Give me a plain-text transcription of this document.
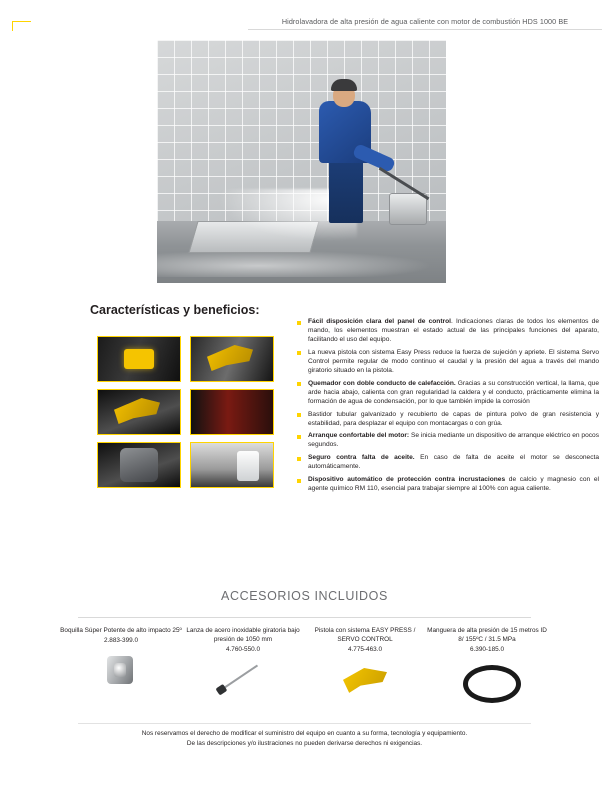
Hidrolavadora de alta presión de agua caliente con motor de combustión HDS 1000 BE
Características y beneficios:
Fácil disposición clara del panel de control. Indicaciones claras de todos los elementos de mando, los elementos muestran el estado actual de las principales funciones del aparato, facilitando el uso del equipo.
La nueva pistola con sistema Easy Press reduce la fuerza de sujeción y apriete. El sistema Servo Control permite regular de modo continuo el caudal y la presión del agua a través del mando giratorio situado en la pistola.
Quemador con doble conducto de calefacción. Gracias a su construcción vertical, la llama, que arde hacia abajo, calienta con gran regularidad la caldera y el conducto, prácticamente elimina la formación de agua de condensación, por lo que también impide la corrosión
Bastidor tubular galvanizado y recubierto de capas de pintura polvo de gran resistencia y estabilidad, para desplazar el equipo con montacargas o con grúa.
Arranque confortable del motor: Se inicia mediante un dispositivo de arranque eléctrico en pocos segundos.
Seguro contra falta de aceite. En caso de falta de aceite el motor se desconecta automáticamente.
Dispositivo automático de protección contra incrustaciones de calcio y magnesio con el agente químico RM 110, esencial para trabajar siempre al 100% con agua caliente.
ACCESORIOS INCLUIDOS
Boquilla Súper Potente de alto impacto 25º
2.883-399.0
Lanza de acero inoxidable giratoria bajo presión de 1050 mm
4.760-550.0
Pistola con sistema EASY PRESS / SERVO CONTROL
4.775-463.0
Manguera de alta presión de 15 metros ID 8/ 155ºC / 31.5 MPa
6.390-185.0
Nos reservamos el derecho de modificar el suministro del equipo en cuanto a su forma, tecnología y equipamiento.
De las descripciones y/o ilustraciones no pueden derivarse derechos ni exigencias.
